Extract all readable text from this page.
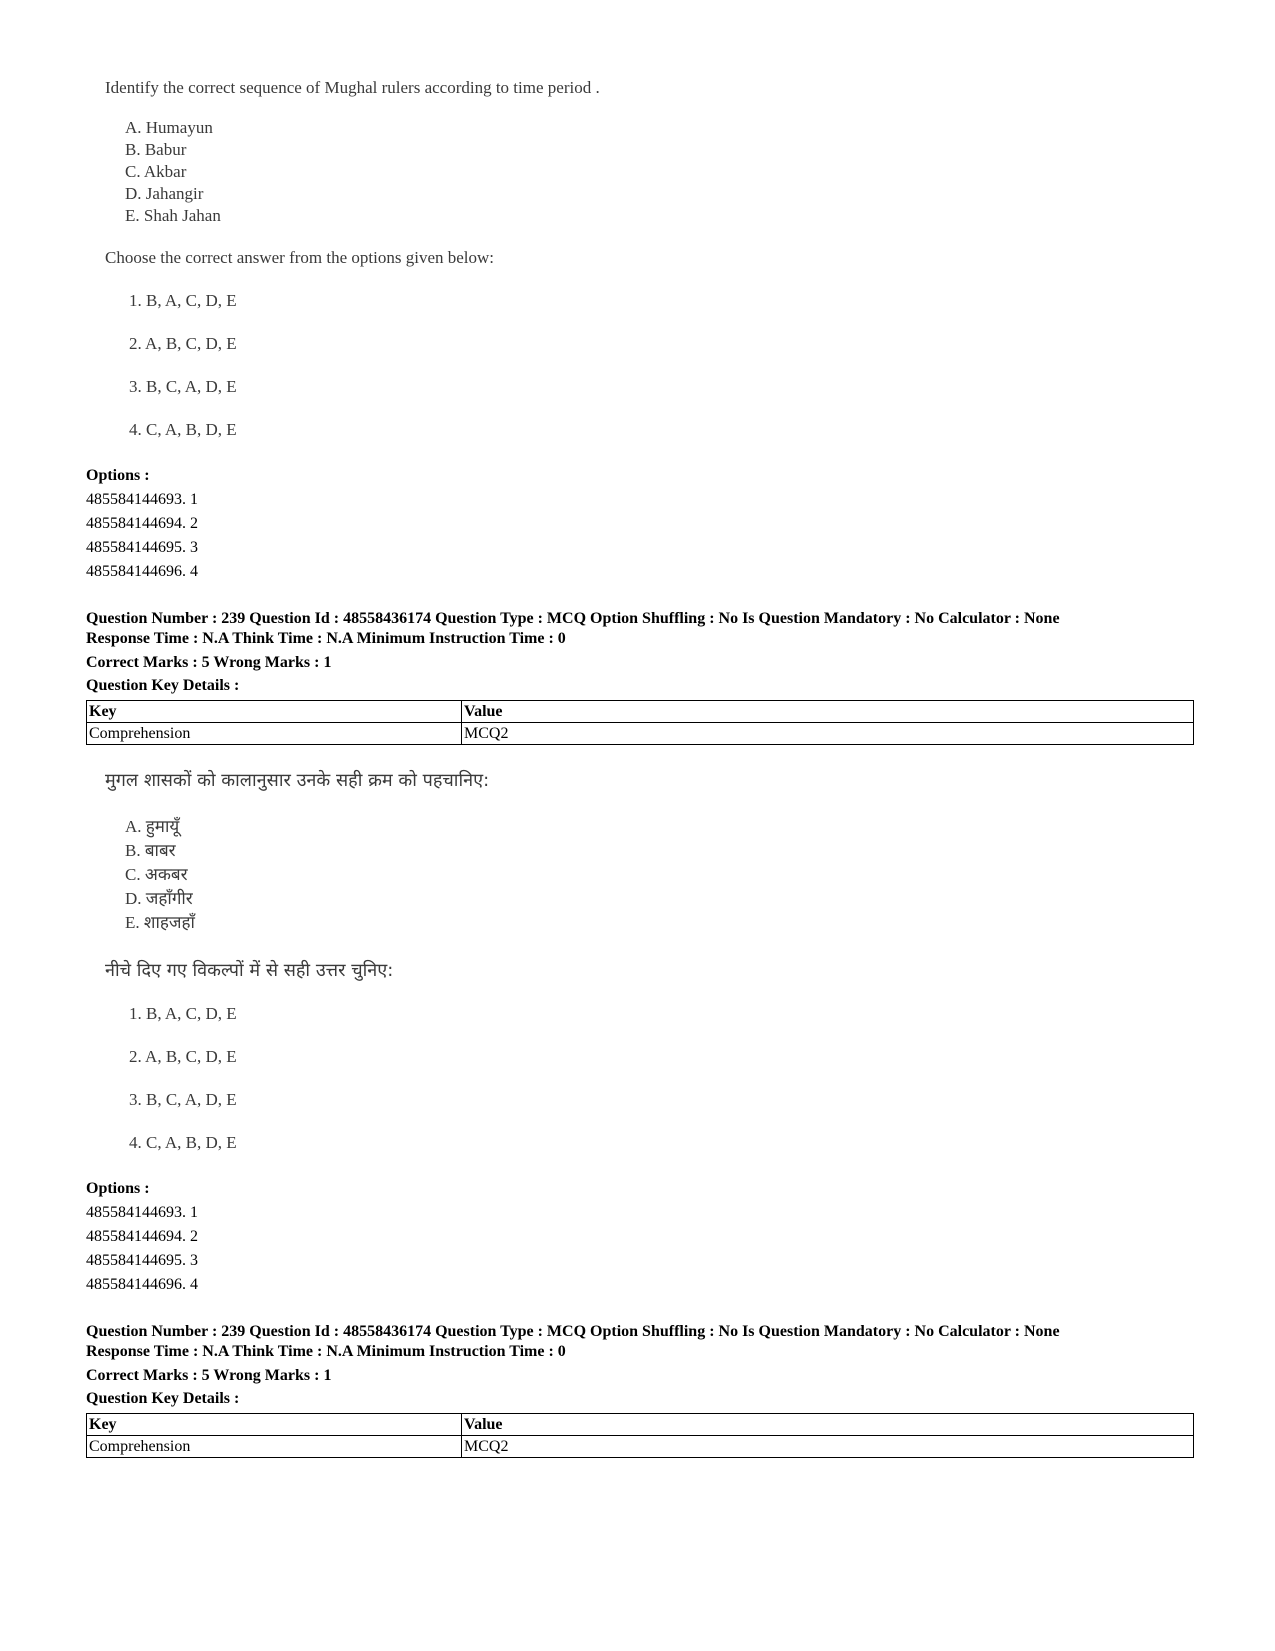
Identify the correct sequence of Mughal rulers according to time period .
A. Humayun
B. Babur
C. Akbar
D. Jahangir
E. Shah Jahan
Choose the correct answer from the options given below:
1. B, A, C, D, E
2. A, B, C, D, E
3. B, C, A, D, E
4. C, A, B, D, E
Options :
485584144693. 1
485584144694. 2
485584144695. 3
485584144696. 4
Question Number : 239 Question Id : 48558436174 Question Type : MCQ Option Shuffling : No Is Question Mandatory : No Calculator : None
Response Time : N.A Think Time : N.A Minimum Instruction Time : 0
Correct Marks : 5 Wrong Marks : 1
Question Key Details :
Key	Value
Comprehension	MCQ2
मुगल शासकों को कालानुसार उनके सही क्रम को पहचानिए:
A. हुमायूँ
B. बाबर
C. अकबर
D. जहाँगीर
E. शाहजहाँ
नीचे दिए गए विकल्पों में से सही उत्तर चुनिए:
1. B, A, C, D, E
2. A, B, C, D, E
3. B, C, A, D, E
4. C, A, B, D, E
Options :
485584144693. 1
485584144694. 2
485584144695. 3
485584144696. 4
Question Number : 239 Question Id : 48558436174 Question Type : MCQ Option Shuffling : No Is Question Mandatory : No Calculator : None
Response Time : N.A Think Time : N.A Minimum Instruction Time : 0
Correct Marks : 5 Wrong Marks : 1
Question Key Details :
Key	Value
Comprehension	MCQ2
